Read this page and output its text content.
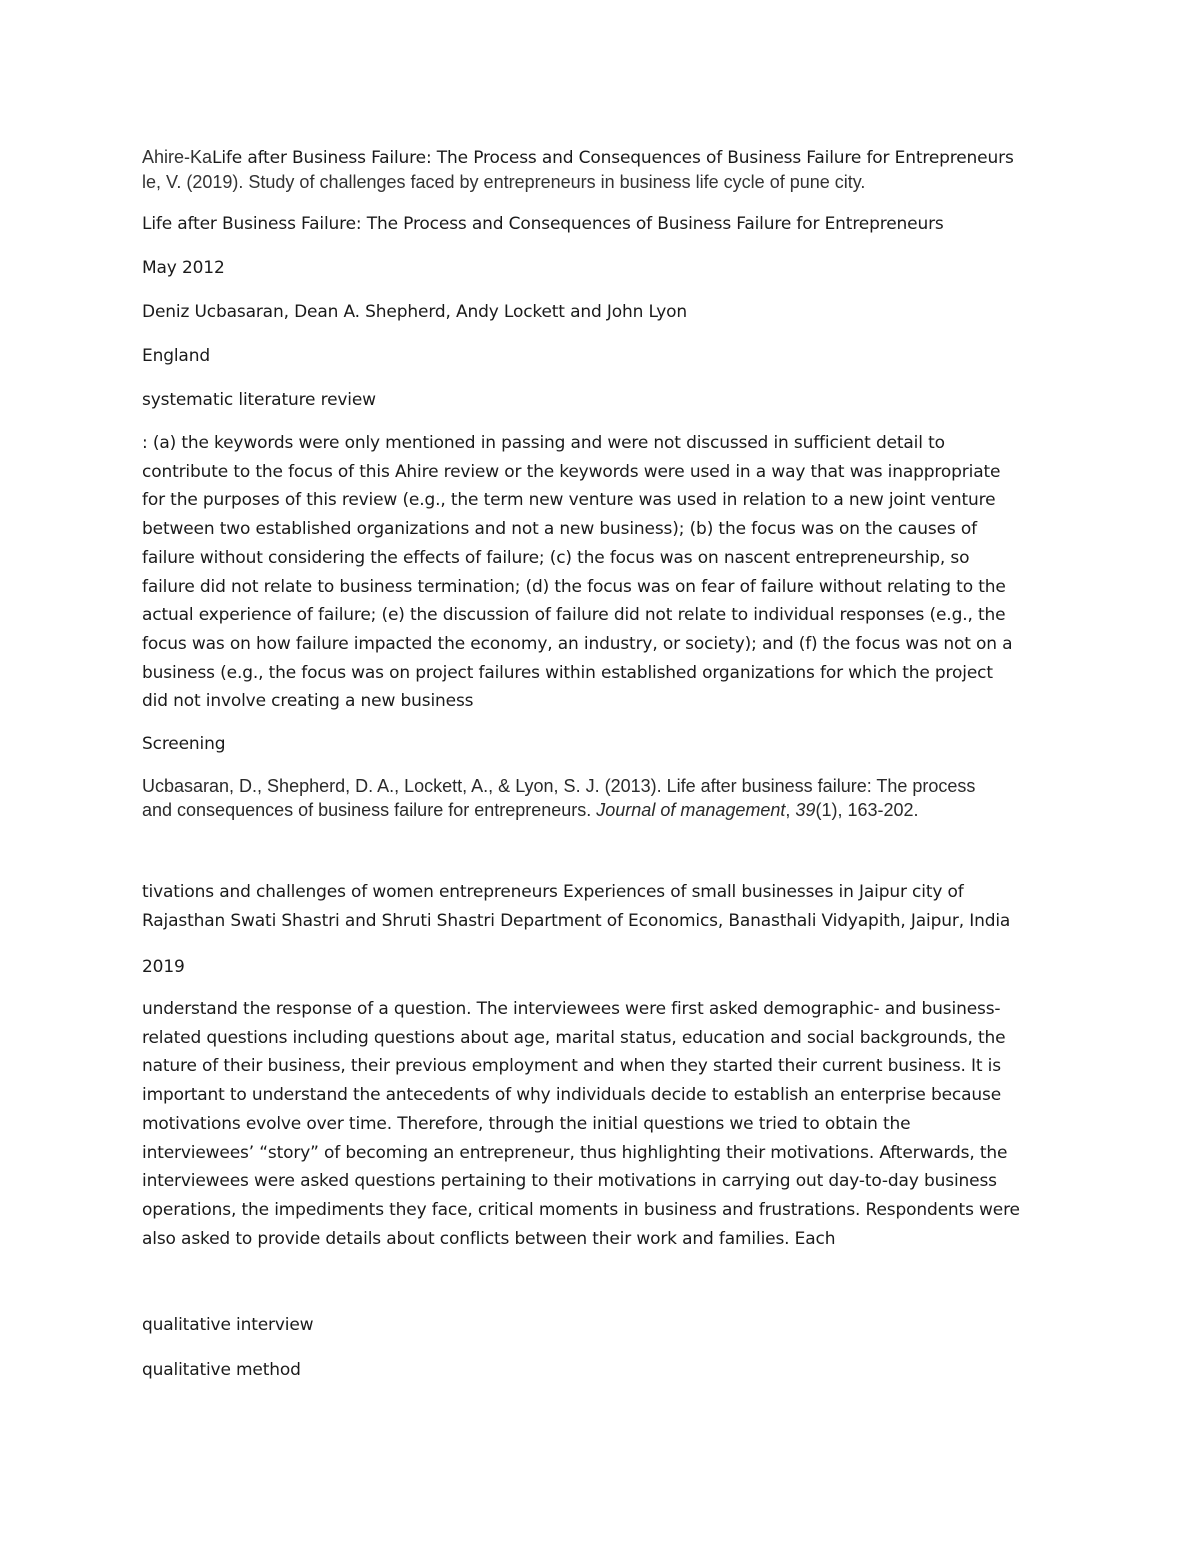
Ahire-KaLife after Business Failure: The Process and Consequences of Business Failure for Entrepreneurs

le, V. (2019). Study of challenges faced by entrepreneurs in business life cycle of pune city.

Life after Business Failure: The Process and Consequences of Business Failure for Entrepreneurs

May 2012

Deniz Ucbasaran, Dean A. Shepherd, Andy Lockett and John Lyon

England

systematic literature review

: (a) the keywords were only mentioned in passing and were not discussed in sufficient detail to
contribute to the focus of this Ahire review or the keywords were used in a way that was inappropriate
for the purposes of this review (e.g., the term new venture was used in relation to a new joint venture
between two established organizations and not a new business); (b) the focus was on the causes of
failure without considering the effects of failure; (c) the focus was on nascent entrepreneurship, so
failure did not relate to business termination; (d) the focus was on fear of failure without relating to the
actual experience of failure; (e) the discussion of failure did not relate to individual responses (e.g., the
focus was on how failure impacted the economy, an industry, or society); and (f) the focus was not on a
business (e.g., the focus was on project failures within established organizations for which the project
did not involve creating a new business

Screening

Ucbasaran, D., Shepherd, D. A., Lockett, A., & Lyon, S. J. (2013). Life after business failure: The process
and consequences of business failure for entrepreneurs. Journal of management, 39(1), 163-202.
tivations and challenges of women entrepreneurs Experiences of small businesses in Jaipur city of
Rajasthan Swati Shastri and Shruti Shastri Department of Economics, Banasthali Vidyapith, Jaipur, India

2019

understand the response of a question. The interviewees were first asked demographic- and business-
related questions including questions about age, marital status, education and social backgrounds, the
nature of their business, their previous employment and when they started their current business. It is
important to understand the antecedents of why individuals decide to establish an enterprise because
motivations evolve over time. Therefore, through the initial questions we tried to obtain the
interviewees’ “story” of becoming an entrepreneur, thus highlighting their motivations. Afterwards, the
interviewees were asked questions pertaining to their motivations in carrying out day-to-day business
operations, the impediments they face, critical moments in business and frustrations. Respondents were
also asked to provide details about conflicts between their work and families. Each

qualitative interview

qualitative method
